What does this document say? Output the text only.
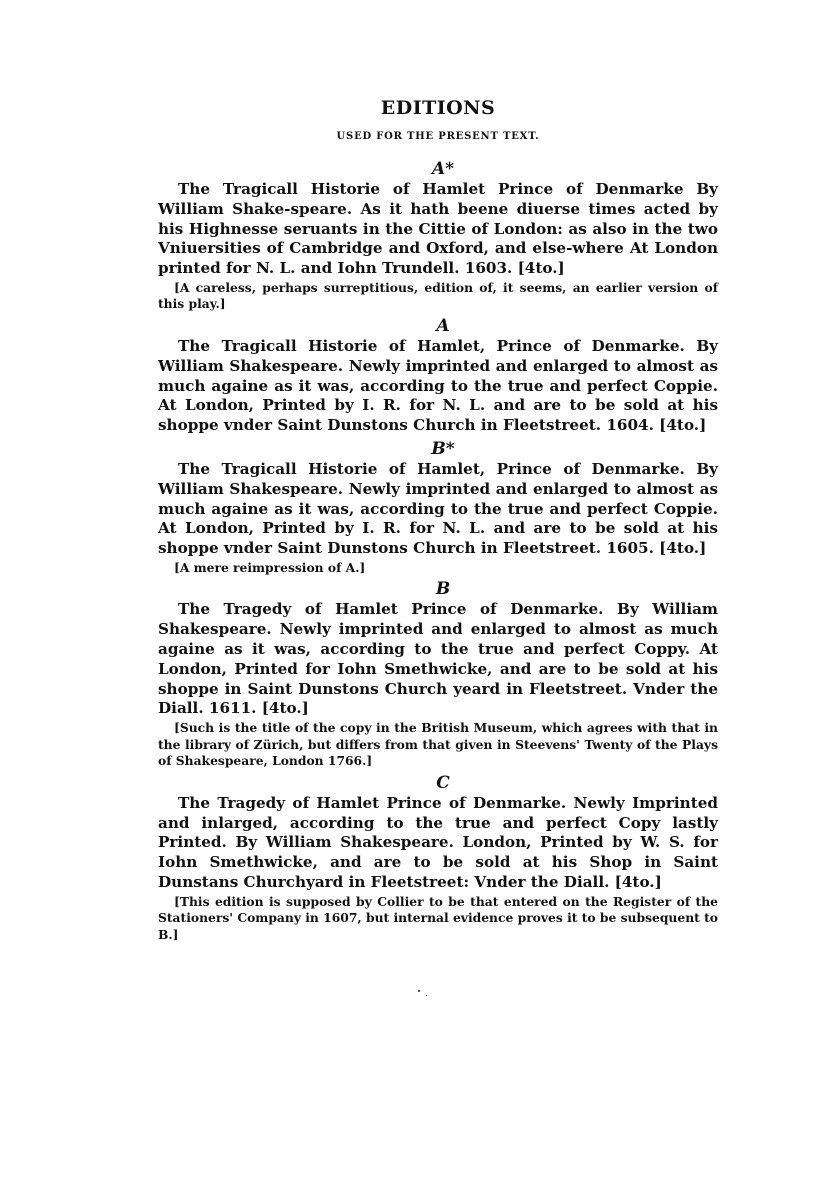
EDITIONS

USED FOR THE PRESENT TEXT.

A*

The Tragicall Historie of Hamlet Prince of Denmarke By William Shake-speare. As it hath beene diuerse times acted by his Highnesse seruants in the Cittie of London: as also in the two Vniuersities of Cambridge and Oxford, and else-where At London printed for N. L. and Iohn Trundell. 1603. [4to.]

[A careless, perhaps surreptitious, edition of, it seems, an earlier version of this play.]

A

The Tragicall Historie of Hamlet, Prince of Denmarke. By William Shakespeare. Newly imprinted and enlarged to almost as much againe as it was, according to the true and perfect Coppie. At London, Printed by I. R. for N. L. and are to be sold at his shoppe vnder Saint Dunstons Church in Fleetstreet. 1604. [4to.]

B*

The Tragicall Historie of Hamlet, Prince of Denmarke. By William Shakespeare. Newly imprinted and enlarged to almost as much againe as it was, according to the true and perfect Coppie. At London, Printed by I. R. for N. L. and are to be sold at his shoppe vnder Saint Dunstons Church in Fleetstreet. 1605. [4to.]

[A mere reimpression of A.]

B

The Tragedy of Hamlet Prince of Denmarke. By William Shakespeare. Newly imprinted and enlarged to almost as much againe as it was, according to the true and perfect Coppy. At London, Printed for Iohn Smethwicke, and are to be sold at his shoppe in Saint Dunstons Church yeard in Fleetstreet. Vnder the Diall. 1611. [4to.]

[Such is the title of the copy in the British Museum, which agrees with that in the library of Zürich, but differs from that given in Steevens' Twenty of the Plays of Shakespeare, London 1766.]

C

The Tragedy of Hamlet Prince of Denmarke. Newly Imprinted and inlarged, according to the true and perfect Copy lastly Printed. By William Shakespeare. London, Printed by W. S. for Iohn Smethwicke, and are to be sold at his Shop in Saint Dunstans Churchyard in Fleetstreet: Vnder the Diall. [4to.]

[This edition is supposed by Collier to be that entered on the Register of the Stationers' Company in 1607, but internal evidence proves it to be subsequent to B.]
